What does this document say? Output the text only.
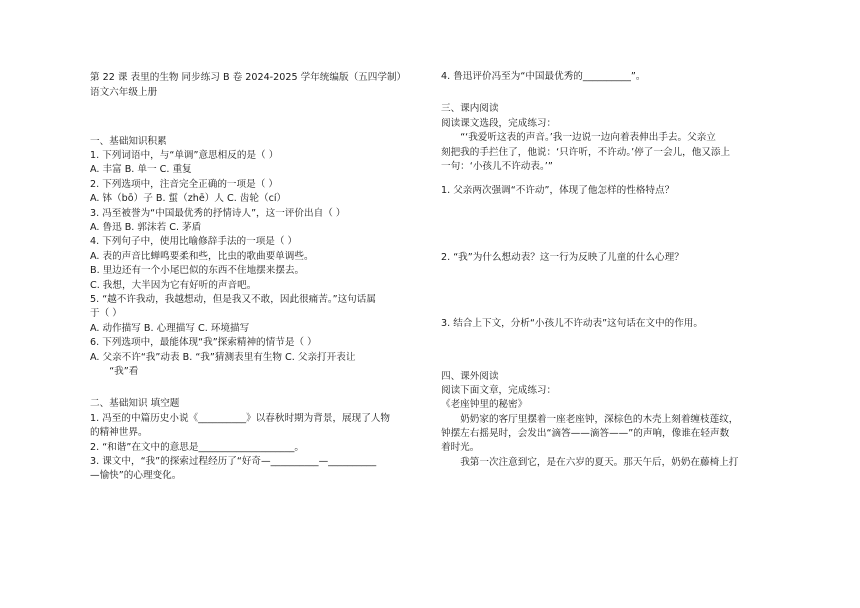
第 22 课 表里的生物 同步练习 B 卷 2024-2025 学年统编版（五四学制）

语文六年级上册

一、基础知识积累

1. 下列词语中，与“单调”意思相反的是（ ）

A. 丰富 B. 单一 C. 重复

2. 下列选项中，注音完全正确的一项是（ ）

A. 钵（bō）子 B. 蜇（zhē）人 C. 齿轮（cí）

3. 冯至被誉为“中国最优秀的抒情诗人”，这一评价出自（ ）

A. 鲁迅 B. 郭沫若 C. 茅盾

4. 下列句子中，使用比喻修辞手法的一项是（ ）

A. 表的声音比蝉鸣要柔和些，比虫的歌曲要单调些。

B. 里边还有一个小尾巴似的东西不住地摆来摆去。

C. 我想，大半因为它有好听的声音吧。

5. “越不许我动，我越想动，但是我又不敢，因此很痛苦。”这句话属

于（ ）

A. 动作描写 B. 心理描写 C. 环境描写

6. 下列选项中，最能体现“我”探索精神的情节是（ ）

A. 父亲不许“我”动表 B. “我”猜测表里有生物 C. 父亲打开表让

“我”看

二、基础知识 填空题

1. 冯至的中篇历史小说《__________》以春秋时期为背景，展现了人物

的精神世界。

2. “和谐”在文中的意思是____________________。

3. 课文中，“我”的探索过程经历了“好奇—__________—__________

—愉快”的心理变化。

4. 鲁迅评价冯至为“中国最优秀的__________”。

三、课内阅读

阅读课文选段，完成练习：

“‘我爱听这表的声音。’我一边说一边向着表伸出手去。父亲立

刻把我的手拦住了，他说：‘只许听，不许动。’停了一会儿，他又添上

一句：‘小孩儿不许动表。’”

1. 父亲两次强调“不许动”，体现了他怎样的性格特点？

2. “我”为什么想动表？这一行为反映了儿童的什么心理？

3. 结合上下文，分析“小孩儿不许动表”这句话在文中的作用。

四、课外阅读

阅读下面文章，完成练习：

《老座钟里的秘密》

奶奶家的客厅里摆着一座老座钟，深棕色的木壳上刻着缠枝莲纹，

钟摆左右摇晃时，会发出“滴答——滴答——”的声响，像谁在轻声数

着时光。

我第一次注意到它，是在六岁的夏天。那天午后，奶奶在藤椅上打
